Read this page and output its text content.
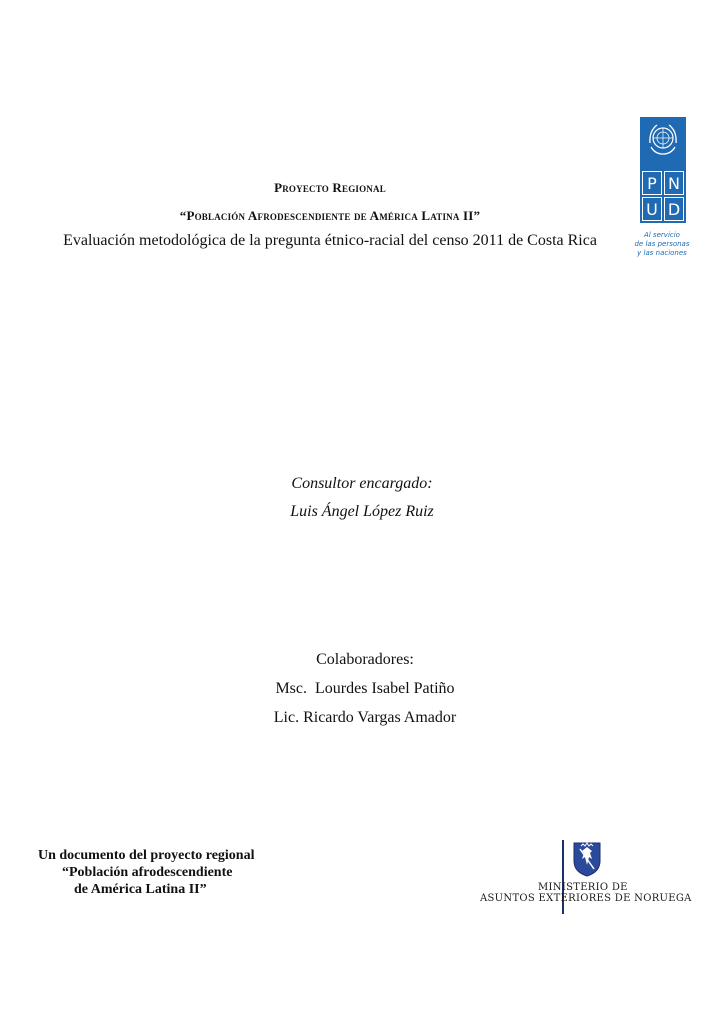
Proyecto Regional
“Población Afrodescendiente de América Latina II”
Evaluación metodológica de la pregunta étnico-racial del censo 2011 de Costa Rica
P N
U D
Al servicio
de las personas
y las naciones
Consultor encargado:
Luis Ángel López Ruiz
Colaboradores:
Msc.  Lourdes Isabel Patiño
Lic. Ricardo Vargas Amador
Un documento del proyecto regional
“Población afrodescendiente
de América Latina II”	MINISTERIO DE
ASUNTOS EXTERIORES DE NORUEGA
